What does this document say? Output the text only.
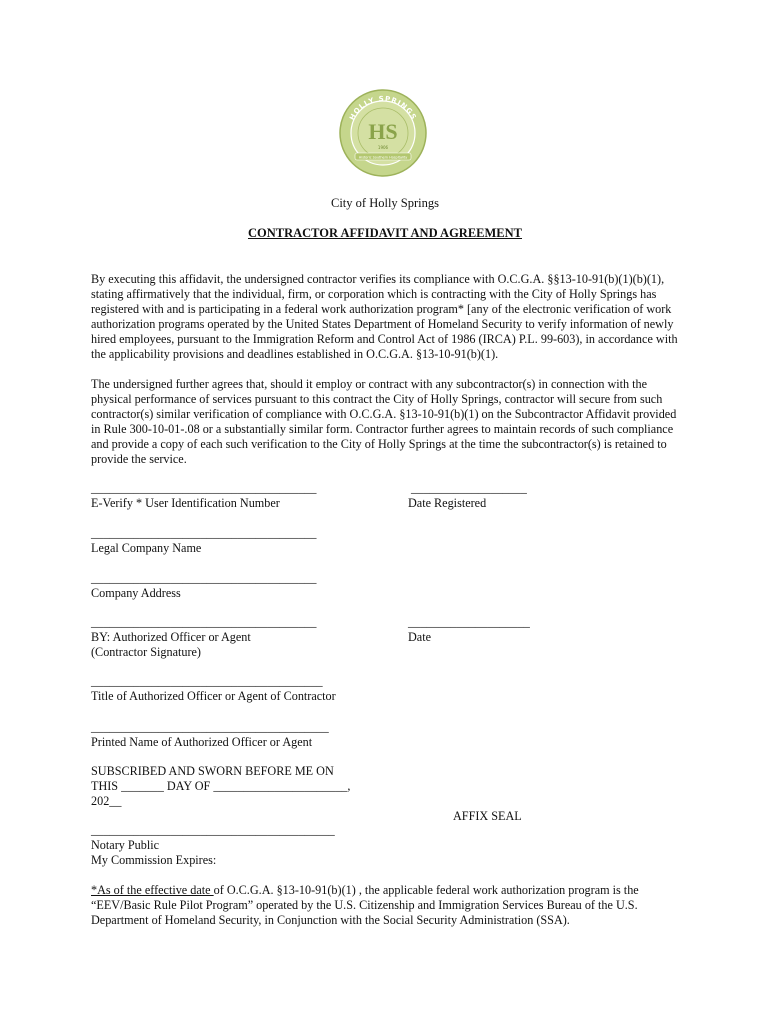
HOLLY SPRINGS
HS
1906
Historic Southern Hospitality
City of Holly Springs
CONTRACTOR AFFIDAVIT AND AGREEMENT
By executing this affidavit, the undersigned contractor verifies its compliance with O.C.G.A. §§13-10-91(b)(1)(b)(1), stating affirmatively that the individual, firm, or corporation which is contracting with the City of Holly Springs has registered with and is participating in a federal work authorization program* [any of the electronic verification of work authorization programs operated by the United States Department of Homeland Security to verify information of newly hired employees, pursuant to the Immigration Reform and Control Act of 1986 (IRCA) P.L. 99-603), in accordance with the applicability provisions and deadlines established in O.C.G.A. §13-10-91(b)(1).
The undersigned further agrees that, should it employ or contract with any subcontractor(s) in connection with the physical performance of services pursuant to this contract the City of Holly Springs, contractor will secure from such contractor(s) similar verification of compliance with O.C.G.A. §13-10-91(b)(1) on the Subcontractor Affidavit provided in Rule 300-10-01-.08 or a substantially similar form. Contractor further agrees to maintain records of such compliance and provide a copy of each such verification to the City of Holly Springs at the time the subcontractor(s) is retained to provide the service.
_____________________________________	___________________
E-Verify * User Identification Number	Date Registered
_____________________________________
Legal Company Name
_____________________________________
Company Address
_____________________________________	____________________
BY: Authorized Officer or Agent	Date
(Contractor Signature)
______________________________________
Title of Authorized Officer or Agent of Contractor
_______________________________________
Printed Name of Authorized Officer or Agent
SUBSCRIBED AND SWORN BEFORE ME ON
THIS _______ DAY OF ______________________,
202__
AFFIX SEAL
________________________________________
Notary Public
My Commission Expires:
*As of the effective date of O.C.G.A. §13-10-91(b)(1) , the applicable federal work authorization program is the “EEV/Basic Rule Pilot Program” operated by the U.S. Citizenship and Immigration Services Bureau of the U.S. Department of Homeland Security, in Conjunction with the Social Security Administration (SSA).
